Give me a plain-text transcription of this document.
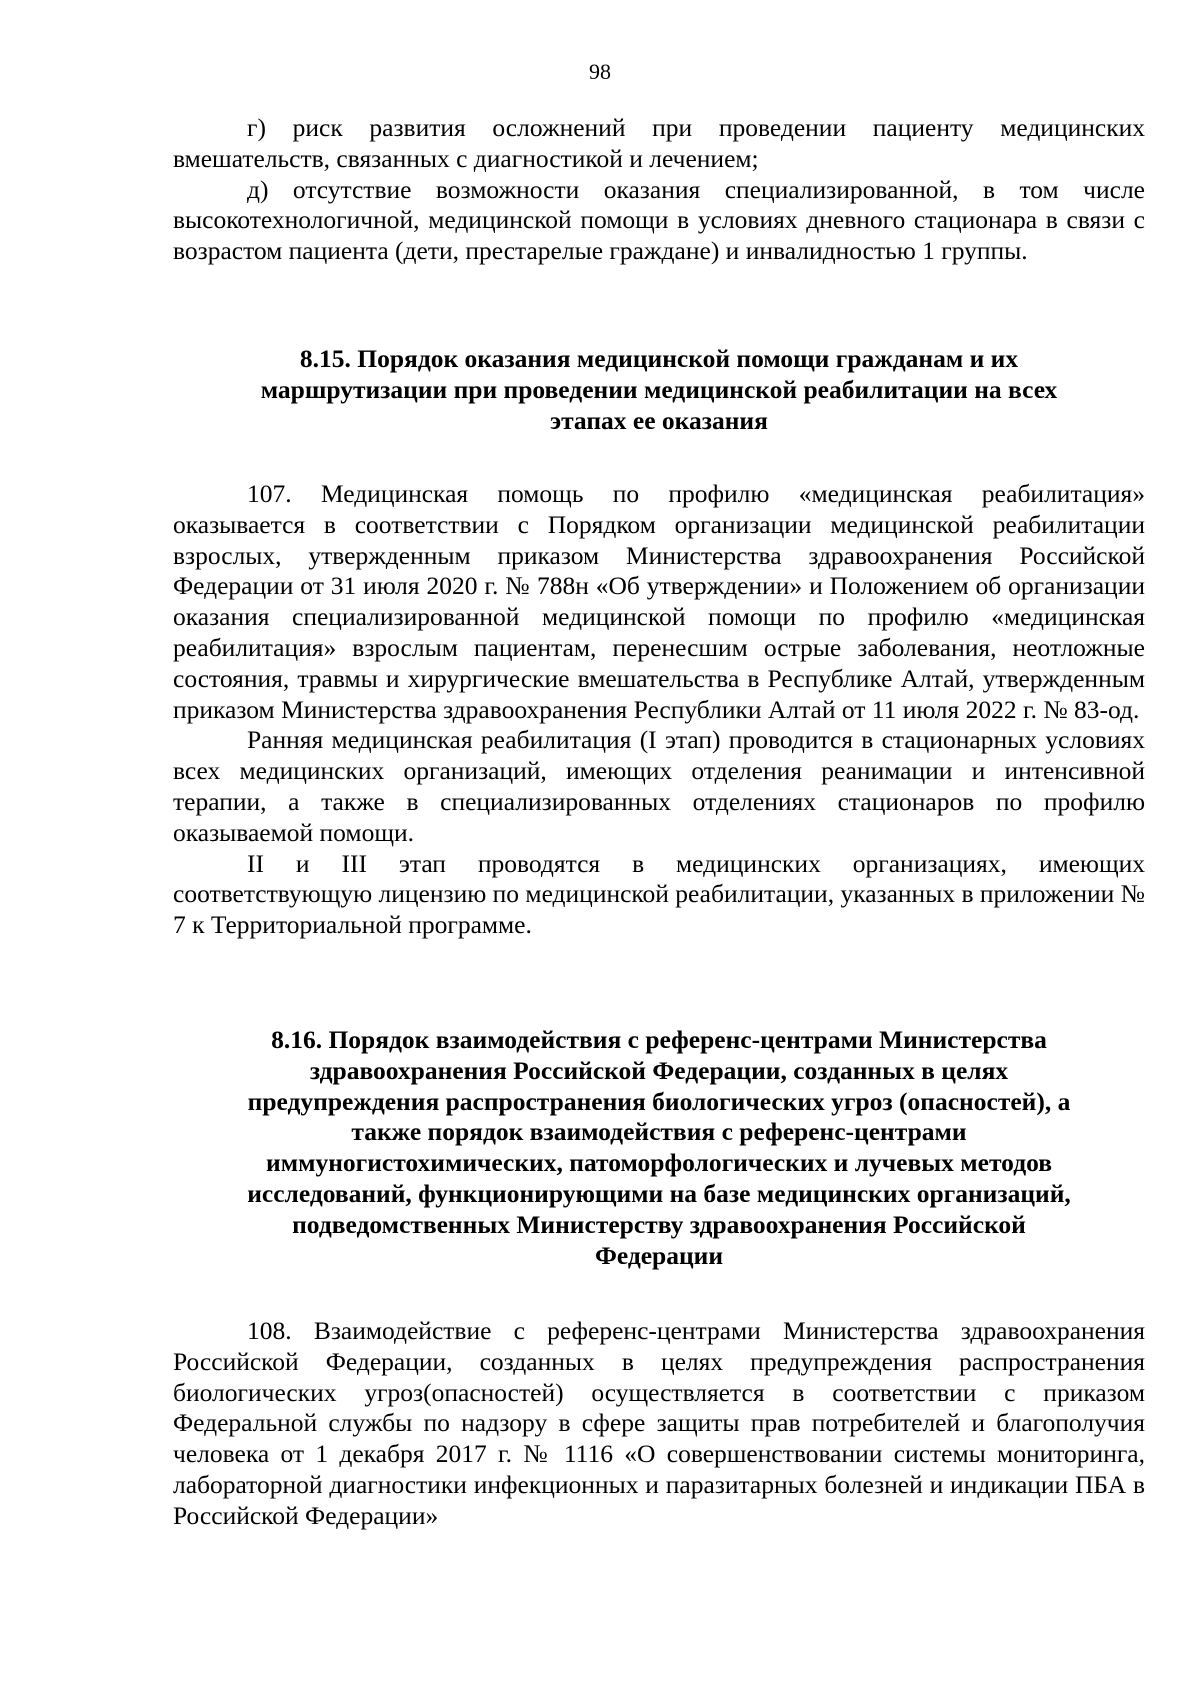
98

г) риск развития осложнений при проведении пациенту медицинских вмешательств, связанных с диагностикой и лечением;

д) отсутствие возможности оказания специализированной, в том числе высокотехнологичной, медицинской помощи в условиях дневного стационара в связи с возрастом пациента (дети, престарелые граждане) и инвалидностью 1 группы.

8.15. Порядок оказания медицинской помощи гражданам и их
маршрутизации при проведении медицинской реабилитации на всех
этапах ее оказания

107. Медицинская помощь по профилю «медицинская реабилитация» оказывается в соответствии с Порядком организации медицинской реабилитации взрослых, утвержденным приказом Министерства здравоохранения Российской Федерации от 31 июля 2020 г. № 788н «Об утверждении» и Положением об организации оказания специализированной медицинской помощи по профилю «медицинская реабилитация» взрослым пациентам, перенесшим острые заболевания, неотложные состояния, травмы и хирургические вмешательства в Республике Алтай, утвержденным приказом Министерства здравоохранения Республики Алтай от 11 июля 2022 г. № 83-од.

Ранняя медицинская реабилитация (I этап) проводится в стационарных условиях всех медицинских организаций, имеющих отделения реанимации и интенсивной терапии, а также в специализированных отделениях стационаров по профилю оказываемой помощи.

II и III этап проводятся в медицинских организациях, имеющих соответствующую лицензию по медицинской реабилитации, указанных в приложении № 7 к Территориальной программе.

8.16. Порядок взаимодействия с референс-центрами Министерства
здравоохранения Российской Федерации, созданных в целях
предупреждения распространения биологических угроз (опасностей), а
также порядок взаимодействия с референс-центрами
иммуногистохимических, патоморфологических и лучевых методов
исследований, функционирующими на базе медицинских организаций,
подведомственных Министерству здравоохранения Российской
Федерации

108. Взаимодействие с референс-центрами Министерства здравоохранения Российской Федерации, созданных в целях предупреждения распространения биологических угроз(опасностей) осуществляется в соответствии с приказом Федеральной службы по надзору в сфере защиты прав потребителей и благополучия человека от 1 декабря 2017 г. № 1116 «О совершенствовании системы мониторинга, лабораторной диагностики инфекционных и паразитарных болезней и индикации ПБА в Российской Федерации»
